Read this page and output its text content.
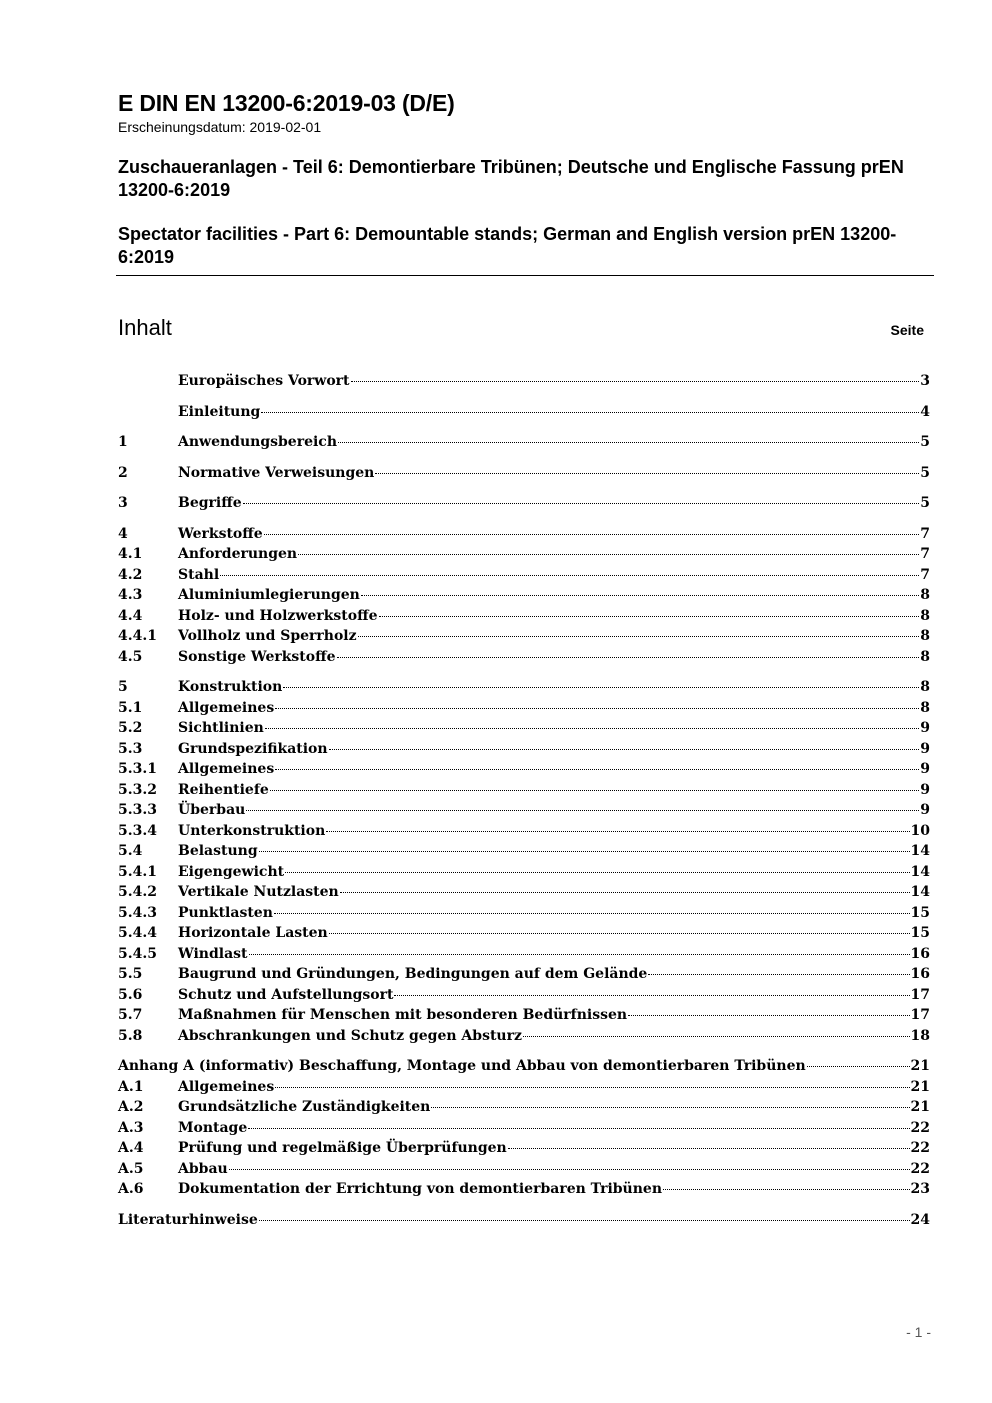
E DIN EN 13200-6:2019-03 (D/E)
Erscheinungsdatum: 2019-02-01
Zuschaueranlagen - Teil 6: Demontierbare Tribünen; Deutsche und Englische Fassung prEN 13200-6:2019
Spectator facilities - Part 6: Demountable stands; German and English version prEN 13200-6:2019
Inhalt	Seite
Europäisches Vorwort	3
Einleitung	4
1	Anwendungsbereich	5
2	Normative Verweisungen	5
3	Begriffe	5
4	Werkstoffe	7
4.1	Anforderungen	7
4.2	Stahl	7
4.3	Aluminiumlegierungen	8
4.4	Holz- und Holzwerkstoffe	8
4.4.1	Vollholz und Sperrholz	8
4.5	Sonstige Werkstoffe	8
5	Konstruktion	8
5.1	Allgemeines	8
5.2	Sichtlinien	9
5.3	Grundspezifikation	9
5.3.1	Allgemeines	9
5.3.2	Reihentiefe	9
5.3.3	Überbau	9
5.3.4	Unterkonstruktion	10
5.4	Belastung	14
5.4.1	Eigengewicht	14
5.4.2	Vertikale Nutzlasten	14
5.4.3	Punktlasten	15
5.4.4	Horizontale Lasten	15
5.4.5	Windlast	16
5.5	Baugrund und Gründungen, Bedingungen auf dem Gelände	16
5.6	Schutz und Aufstellungsort	17
5.7	Maßnahmen für Menschen mit besonderen Bedürfnissen	17
5.8	Abschrankungen und Schutz gegen Absturz	18
Anhang A (informativ) Beschaffung, Montage und Abbau von demontierbaren Tribünen	21
A.1	Allgemeines	21
A.2	Grundsätzliche Zuständigkeiten	21
A.3	Montage	22
A.4	Prüfung und regelmäßige Überprüfungen	22
A.5	Abbau	22
A.6	Dokumentation der Errichtung von demontierbaren Tribünen	23
Literaturhinweise	24
- 1 -
